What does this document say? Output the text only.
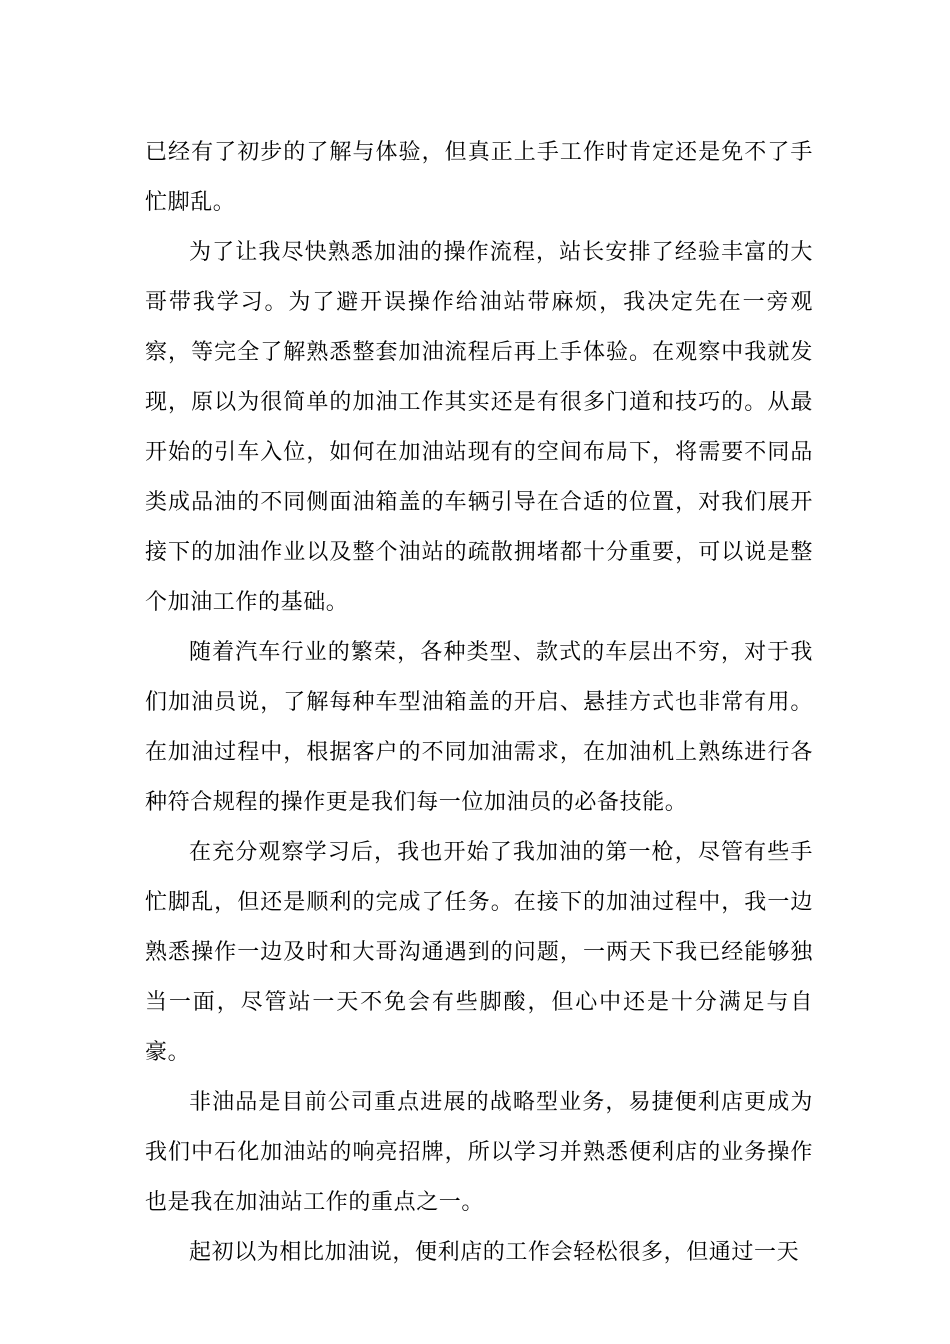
已经有了初步的了解与体验，但真正上手工作时肯定还是免不了手忙脚乱。

为了让我尽快熟悉加油的操作流程，站长安排了经验丰富的大哥带我学习。为了避开误操作给油站带麻烦，我决定先在一旁观察，等完全了解熟悉整套加油流程后再上手体验。在观察中我就发现，原以为很简单的加油工作其实还是有很多门道和技巧的。从最开始的引车入位，如何在加油站现有的空间布局下，将需要不同品类成品油的不同侧面油箱盖的车辆引导在合适的位置，对我们展开接下的加油作业以及整个油站的疏散拥堵都十分重要，可以说是整个加油工作的基础。

随着汽车行业的繁荣，各种类型、款式的车层出不穷，对于我们加油员说，了解每种车型油箱盖的开启、悬挂方式也非常有用。在加油过程中，根据客户的不同加油需求，在加油机上熟练进行各种符合规程的操作更是我们每一位加油员的必备技能。

在充分观察学习后，我也开始了我加油的第一枪，尽管有些手忙脚乱，但还是顺利的完成了任务。在接下的加油过程中，我一边熟悉操作一边及时和大哥沟通遇到的问题，一两天下我已经能够独当一面，尽管站一天不免会有些脚酸，但心中还是十分满足与自豪。

非油品是目前公司重点进展的战略型业务，易捷便利店更成为我们中石化加油站的响亮招牌，所以学习并熟悉便利店的业务操作也是我在加油站工作的重点之一。

起初以为相比加油说，便利店的工作会轻松很多，但通过一天
